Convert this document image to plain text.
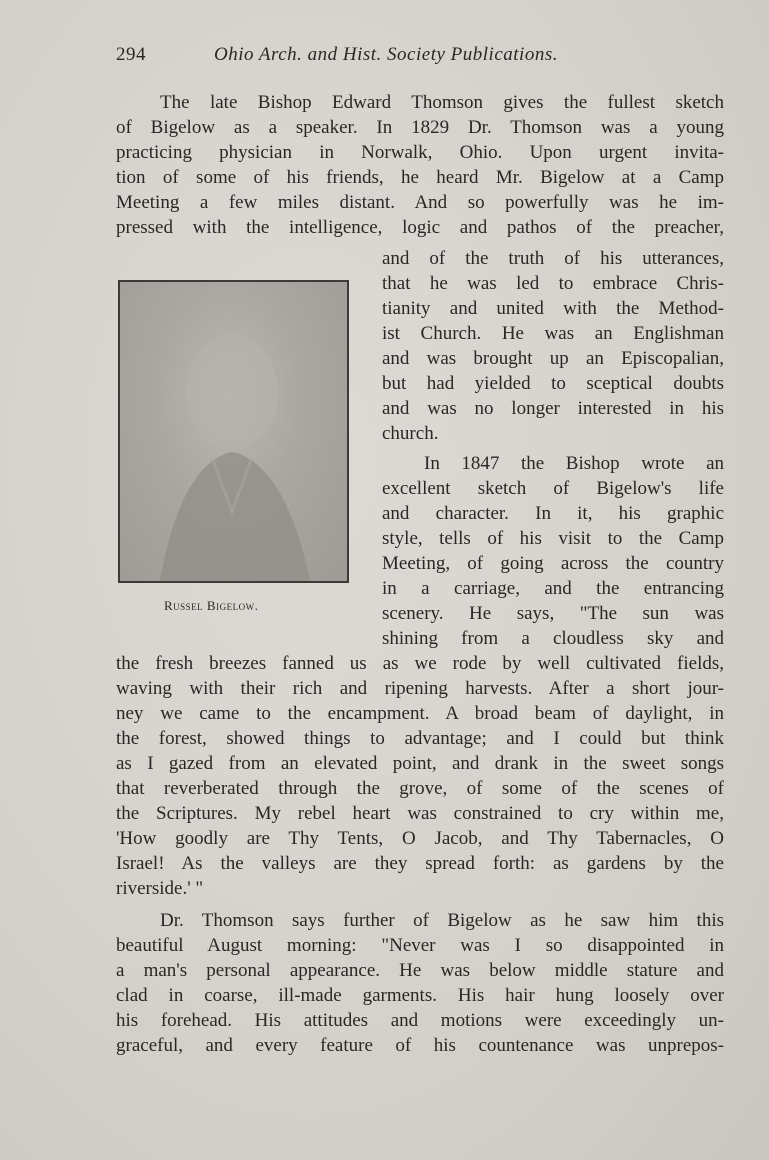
294	Ohio Arch. and Hist. Society Publications.
Russel Bigelow.
The late Bishop Edward Thomson gives the fullest sketch
of Bigelow as a speaker. In 1829 Dr. Thomson was a young
practicing physician in Norwalk, Ohio. Upon urgent invita-
tion of some of his friends, he heard Mr. Bigelow at a Camp
Meeting a few miles distant. And so powerfully was he im-
pressed with the intelligence, logic and pathos of the preacher,
and of the truth of his utterances,
that he was led to embrace Chris-
tianity and united with the Method-
ist Church. He was an Englishman
and was brought up an Episcopalian,
but had yielded to sceptical doubts
and was no longer interested in his
church.
In 1847 the Bishop wrote an
excellent sketch of Bigelow's life
and character. In it, his graphic
style, tells of his visit to the Camp
Meeting, of going across the country
in a carriage, and the entrancing
scenery. He says, "The sun was
shining from a cloudless sky and
the fresh breezes fanned us as we rode by well cultivated fields,
waving with their rich and ripening harvests. After a short jour-
ney we came to the encampment. A broad beam of daylight, in
the forest, showed things to advantage; and I could but think
as I gazed from an elevated point, and drank in the sweet songs
that reverberated through the grove, of some of the scenes of
the Scriptures. My rebel heart was constrained to cry within me,
'How goodly are Thy Tents, O Jacob, and Thy Tabernacles, O
Israel! As the valleys are they spread forth: as gardens by the
riverside.' "
Dr. Thomson says further of Bigelow as he saw him this
beautiful August morning: "Never was I so disappointed in
a man's personal appearance. He was below middle stature and
clad in coarse, ill-made garments. His hair hung loosely over
his forehead. His attitudes and motions were exceedingly un-
graceful, and every feature of his countenance was unprepos-
